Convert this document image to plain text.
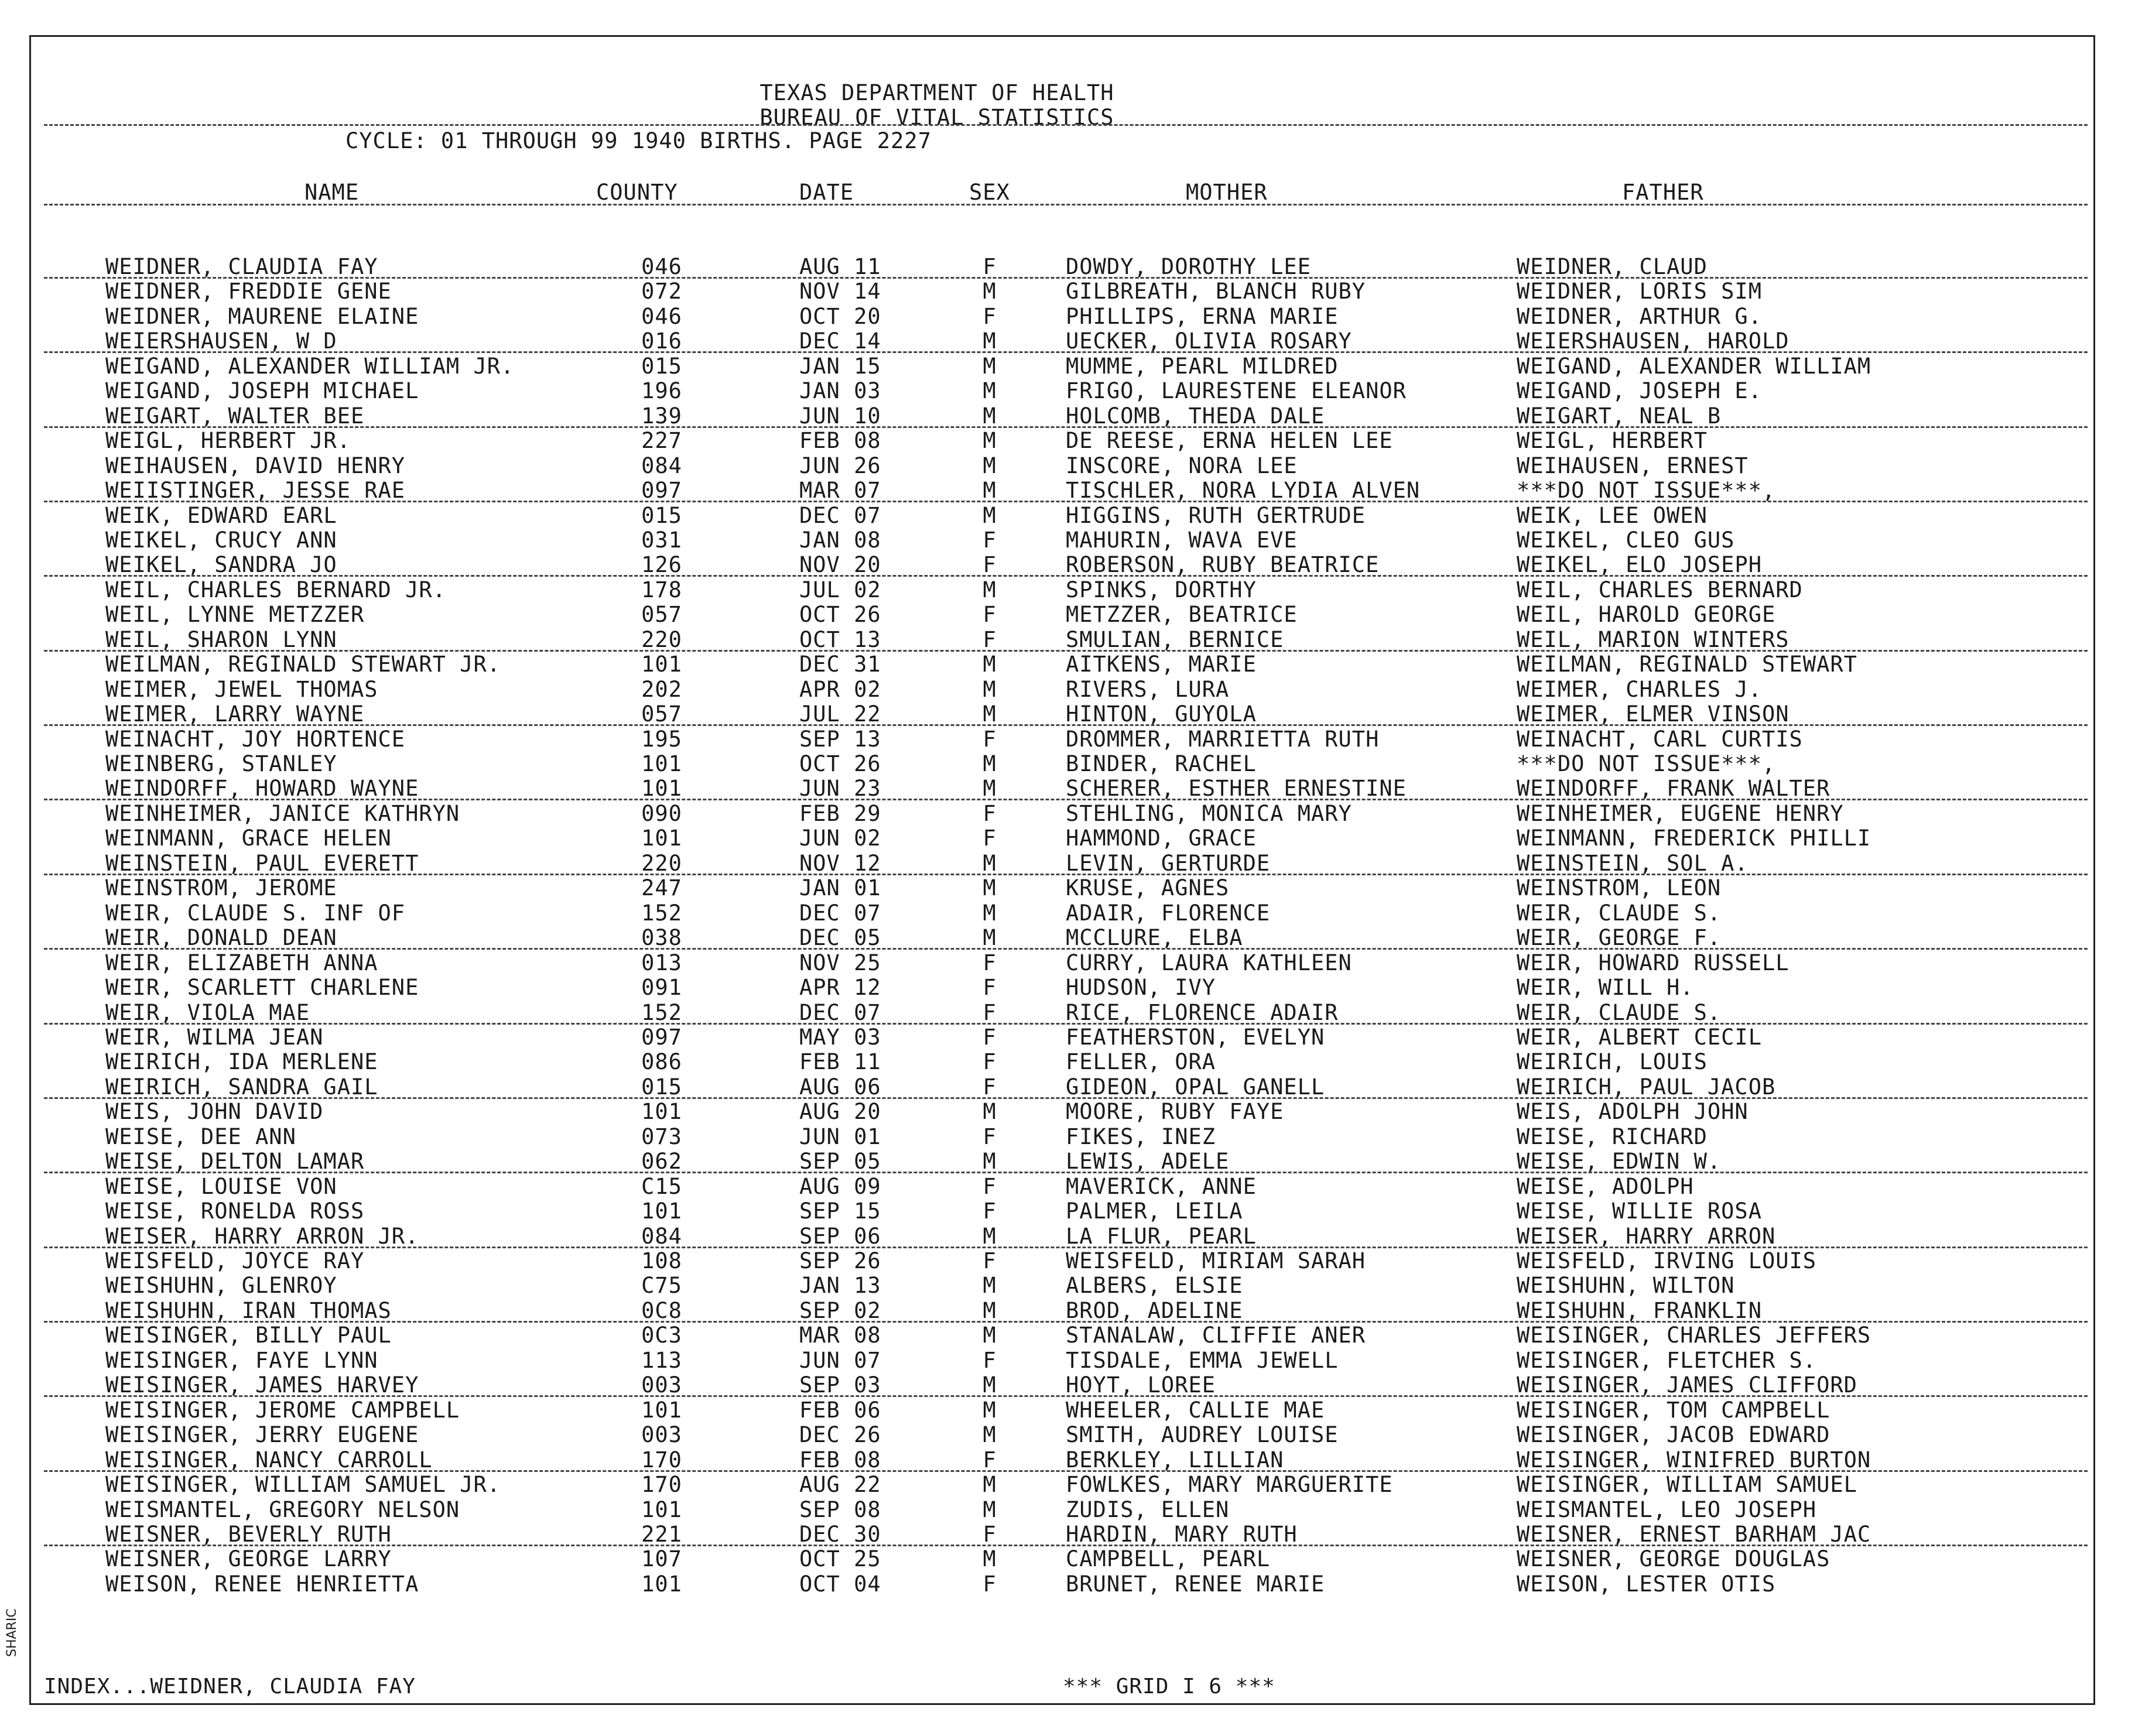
TEXAS DEPARTMENT OF HEALTH
BUREAU OF VITAL STATISTICS
CYCLE: 01 THROUGH 99 1940 BIRTHS. PAGE 2227
NAME	COUNTY	DATE	SEX	MOTHER	FATHER
WEIDNER, CLAUDIA FAY	046	AUG 11	F	DOWDY, DOROTHY LEE	WEIDNER, CLAUD
WEIDNER, FREDDIE GENE	072	NOV 14	M	GILBREATH, BLANCH RUBY	WEIDNER, LORIS SIM
WEIDNER, MAURENE ELAINE	046	OCT 20	F	PHILLIPS, ERNA MARIE	WEIDNER, ARTHUR G.
WEIERSHAUSEN, W D	016	DEC 14	M	UECKER, OLIVIA ROSARY	WEIERSHAUSEN, HAROLD
WEIGAND, ALEXANDER WILLIAM JR.	015	JAN 15	M	MUMME, PEARL MILDRED	WEIGAND, ALEXANDER WILLIAM
WEIGAND, JOSEPH MICHAEL	196	JAN 03	M	FRIGO, LAURESTENE ELEANOR	WEIGAND, JOSEPH E.
WEIGART, WALTER BEE	139	JUN 10	M	HOLCOMB, THEDA DALE	WEIGART, NEAL B
WEIGL, HERBERT JR.	227	FEB 08	M	DE REESE, ERNA HELEN LEE	WEIGL, HERBERT
WEIHAUSEN, DAVID HENRY	084	JUN 26	M	INSCORE, NORA LEE	WEIHAUSEN, ERNEST
WEIISTINGER, JESSE RAE	097	MAR 07	M	TISCHLER, NORA LYDIA ALVEN	***DO NOT ISSUE***,
WEIK, EDWARD EARL	015	DEC 07	M	HIGGINS, RUTH GERTRUDE	WEIK, LEE OWEN
WEIKEL, CRUCY ANN	031	JAN 08	F	MAHURIN, WAVA EVE	WEIKEL, CLEO GUS
WEIKEL, SANDRA JO	126	NOV 20	F	ROBERSON, RUBY BEATRICE	WEIKEL, ELO JOSEPH
WEIL, CHARLES BERNARD JR.	178	JUL 02	M	SPINKS, DORTHY	WEIL, CHARLES BERNARD
WEIL, LYNNE METZZER	057	OCT 26	F	METZZER, BEATRICE	WEIL, HAROLD GEORGE
WEIL, SHARON LYNN	220	OCT 13	F	SMULIAN, BERNICE	WEIL, MARION WINTERS
WEILMAN, REGINALD STEWART JR.	101	DEC 31	M	AITKENS, MARIE	WEILMAN, REGINALD STEWART
WEIMER, JEWEL THOMAS	202	APR 02	M	RIVERS, LURA	WEIMER, CHARLES J.
WEIMER, LARRY WAYNE	057	JUL 22	M	HINTON, GUYOLA	WEIMER, ELMER VINSON
WEINACHT, JOY HORTENCE	195	SEP 13	F	DROMMER, MARRIETTA RUTH	WEINACHT, CARL CURTIS
WEINBERG, STANLEY	101	OCT 26	M	BINDER, RACHEL	***DO NOT ISSUE***,
WEINDORFF, HOWARD WAYNE	101	JUN 23	M	SCHERER, ESTHER ERNESTINE	WEINDORFF, FRANK WALTER
WEINHEIMER, JANICE KATHRYN	090	FEB 29	F	STEHLING, MONICA MARY	WEINHEIMER, EUGENE HENRY
WEINMANN, GRACE HELEN	101	JUN 02	F	HAMMOND, GRACE	WEINMANN, FREDERICK PHILLI
WEINSTEIN, PAUL EVERETT	220	NOV 12	M	LEVIN, GERTURDE	WEINSTEIN, SOL A.
WEINSTROM, JEROME	247	JAN 01	M	KRUSE, AGNES	WEINSTROM, LEON
WEIR, CLAUDE S. INF OF	152	DEC 07	M	ADAIR, FLORENCE	WEIR, CLAUDE S.
WEIR, DONALD DEAN	038	DEC 05	M	MCCLURE, ELBA	WEIR, GEORGE F.
WEIR, ELIZABETH ANNA	013	NOV 25	F	CURRY, LAURA KATHLEEN	WEIR, HOWARD RUSSELL
WEIR, SCARLETT CHARLENE	091	APR 12	F	HUDSON, IVY	WEIR, WILL H.
WEIR, VIOLA MAE	152	DEC 07	F	RICE, FLORENCE ADAIR	WEIR, CLAUDE S.
WEIR, WILMA JEAN	097	MAY 03	F	FEATHERSTON, EVELYN	WEIR, ALBERT CECIL
WEIRICH, IDA MERLENE	086	FEB 11	F	FELLER, ORA	WEIRICH, LOUIS
WEIRICH, SANDRA GAIL	015	AUG 06	F	GIDEON, OPAL GANELL	WEIRICH, PAUL JACOB
WEIS, JOHN DAVID	101	AUG 20	M	MOORE, RUBY FAYE	WEIS, ADOLPH JOHN
WEISE, DEE ANN	073	JUN 01	F	FIKES, INEZ	WEISE, RICHARD
WEISE, DELTON LAMAR	062	SEP 05	M	LEWIS, ADELE	WEISE, EDWIN W.
WEISE, LOUISE VON	C15	AUG 09	F	MAVERICK, ANNE	WEISE, ADOLPH
WEISE, RONELDA ROSS	101	SEP 15	F	PALMER, LEILA	WEISE, WILLIE ROSA
WEISER, HARRY ARRON JR.	084	SEP 06	M	LA FLUR, PEARL	WEISER, HARRY ARRON
WEISFELD, JOYCE RAY	108	SEP 26	F	WEISFELD, MIRIAM SARAH	WEISFELD, IRVING LOUIS
WEISHUHN, GLENROY	C75	JAN 13	M	ALBERS, ELSIE	WEISHUHN, WILTON
WEISHUHN, IRAN THOMAS	0C8	SEP 02	M	BROD, ADELINE	WEISHUHN, FRANKLIN
WEISINGER, BILLY PAUL	0C3	MAR 08	M	STANALAW, CLIFFIE ANER	WEISINGER, CHARLES JEFFERS
WEISINGER, FAYE LYNN	113	JUN 07	F	TISDALE, EMMA JEWELL	WEISINGER, FLETCHER S.
WEISINGER, JAMES HARVEY	003	SEP 03	M	HOYT, LOREE	WEISINGER, JAMES CLIFFORD
WEISINGER, JEROME CAMPBELL	101	FEB 06	M	WHEELER, CALLIE MAE	WEISINGER, TOM CAMPBELL
WEISINGER, JERRY EUGENE	003	DEC 26	M	SMITH, AUDREY LOUISE	WEISINGER, JACOB EDWARD
WEISINGER, NANCY CARROLL	170	FEB 08	F	BERKLEY, LILLIAN	WEISINGER, WINIFRED BURTON
WEISINGER, WILLIAM SAMUEL JR.	170	AUG 22	M	FOWLKES, MARY MARGUERITE	WEISINGER, WILLIAM SAMUEL
WEISMANTEL, GREGORY NELSON	101	SEP 08	M	ZUDIS, ELLEN	WEISMANTEL, LEO JOSEPH
WEISNER, BEVERLY RUTH	221	DEC 30	F	HARDIN, MARY RUTH	WEISNER, ERNEST BARHAM JAC
WEISNER, GEORGE LARRY	107	OCT 25	M	CAMPBELL, PEARL	WEISNER, GEORGE DOUGLAS
WEISON, RENEE HENRIETTA	101	OCT 04	F	BRUNET, RENEE MARIE	WEISON, LESTER OTIS
INDEX...WEIDNER, CLAUDIA FAY	*** GRID I 6 ***
SHARIC
